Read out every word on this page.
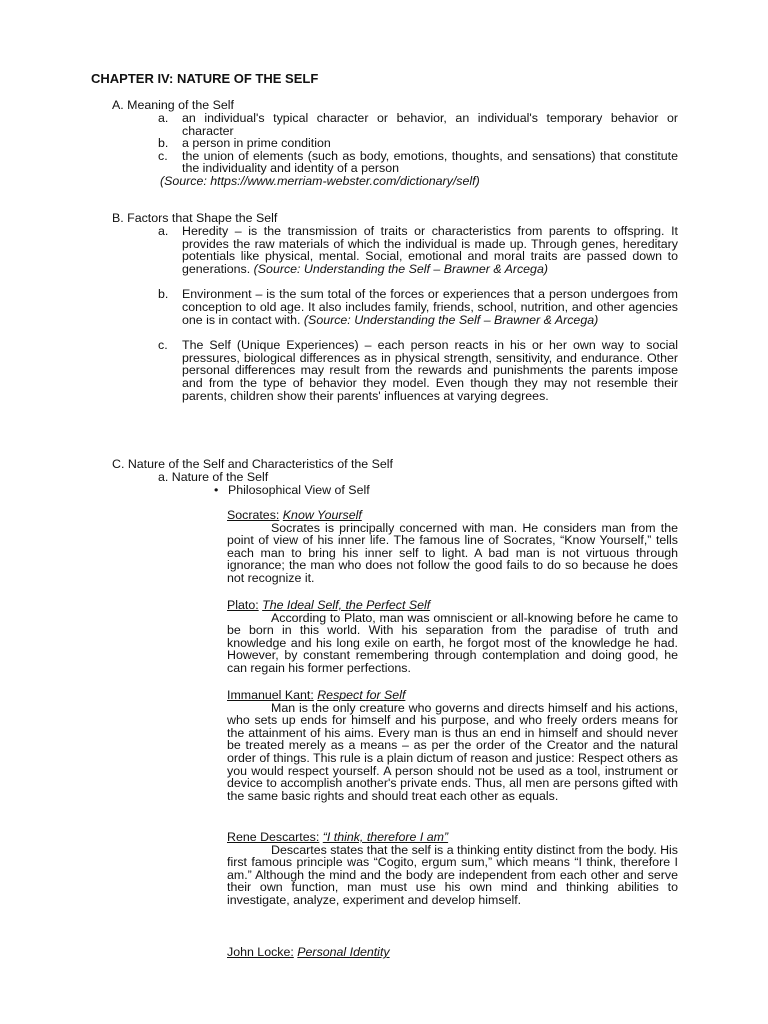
CHAPTER IV: NATURE OF THE SELF
A. Meaning of the Self
a.	an individual's typical character or behavior, an individual's temporary behavior or character

b.	a person in prime condition

c.	the union of elements (such as body, emotions, thoughts, and sensations) that constitute the individuality and identity of a person

(Source: https://www.merriam-webster.com/dictionary/self)
B. Factors that Shape the Self
a.	Heredity – is the transmission of traits or characteristics from parents to offspring. It provides the raw materials of which the individual is made up. Through genes, hereditary potentials like physical, mental. Social, emotional and moral traits are passed down to generations. (Source: Understanding the Self – Brawner & Arcega)

b.	Environment – is the sum total of the forces or experiences that a person undergoes from conception to old age. It also includes family, friends, school, nutrition, and other agencies one is in contact with. (Source: Understanding the Self – Brawner & Arcega)

c.	The Self (Unique Experiences) – each person reacts in his or her own way to social pressures, biological differences as in physical strength, sensitivity, and endurance. Other personal differences may result from the rewards and punishments the parents impose and from the type of behavior they model. Even though they may not resemble their parents, children show their parents' influences at varying degrees.

C. Nature of the Self and Characteristics of the Self
a. Nature of the Self
• Philosophical View of Self
Socrates: Know Yourself

Socrates is principally concerned with man. He considers man from the point of view of his inner life. The famous line of Socrates, “Know Yourself,” tells each man to bring his inner self to light. A bad man is not virtuous through ignorance; the man who does not follow the good fails to do so because he does not recognize it.

Plato: The Ideal Self, the Perfect Self

According to Plato, man was omniscient or all-knowing before he came to be born in this world. With his separation from the paradise of truth and knowledge and his long exile on earth, he forgot most of the knowledge he had. However, by constant remembering through contemplation and doing good, he can regain his former perfections.

Immanuel Kant: Respect for Self

Man is the only creature who governs and directs himself and his actions, who sets up ends for himself and his purpose, and who freely orders means for the attainment of his aims. Every man is thus an end in himself and should never be treated merely as a means – as per the order of the Creator and the natural order of things. This rule is a plain dictum of reason and justice: Respect others as you would respect yourself. A person should not be used as a tool, instrument or device to accomplish another's private ends. Thus, all men are persons gifted with the same basic rights and should treat each other as equals.

Rene Descartes: “I think, therefore I am”

Descartes states that the self is a thinking entity distinct from the body. His first famous principle was “Cogito, ergum sum,” which means “I think, therefore I am.” Although the mind and the body are independent from each other and serve their own function, man must use his own mind and thinking abilities to investigate, analyze, experiment and develop himself.

John Locke: Personal Identity
